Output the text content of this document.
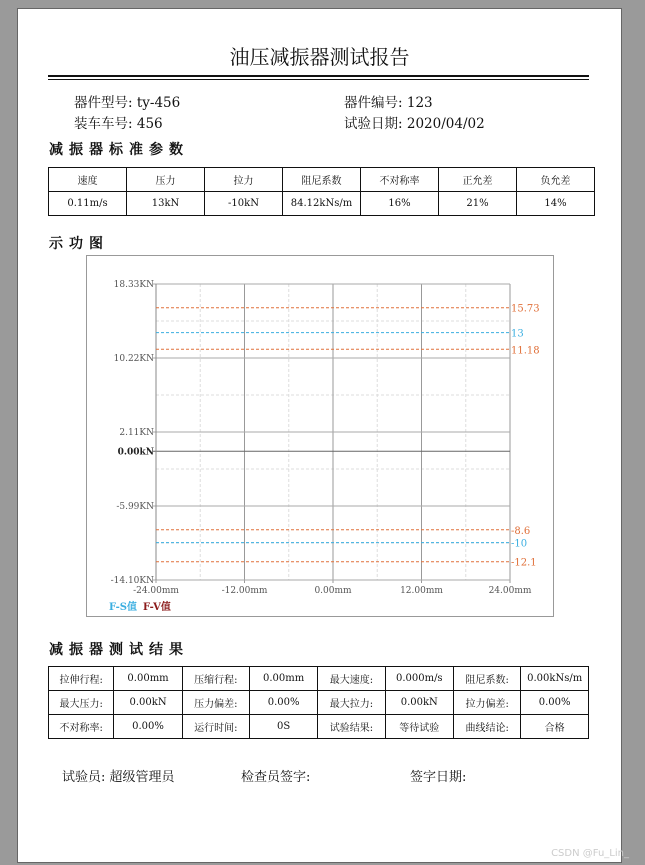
油压减振器测试报告
器件型号: ty-456	器件编号: 123
装车车号: 456	试验日期: 2020/04/02
减振器标准参数
速度	压力	拉力	阻尼系数	不对称率	正允差	负允差
0.11m/s	13kN	-10kN	84.12kNs/m	16%	21%	14%
示功图
-24.00mm	-12.00mm	0.00mm	12.00mm	24.00mm
18.33KN
10.22KN
2.11KN
0.00kN
-5.99KN
-14.10KN
15.73
13
11.18
-8.6
-10
-12.1
F-S值 F-V值
减振器测试结果
拉伸行程:	0.00mm	压缩行程:	0.00mm	最大速度:	0.000m/s	阻尼系数:	0.00kNs/m
最大压力:	0.00kN	压力偏差:	0.00%	最大拉力:	0.00kN	拉力偏差:	0.00%
不对称率:	0.00%	运行时间:	0S	试验结果:	等待试验	曲线结论:	合格
试验员: 超级管理员	检查员签字:	签字日期:
CSDN @Fu_Lin_
